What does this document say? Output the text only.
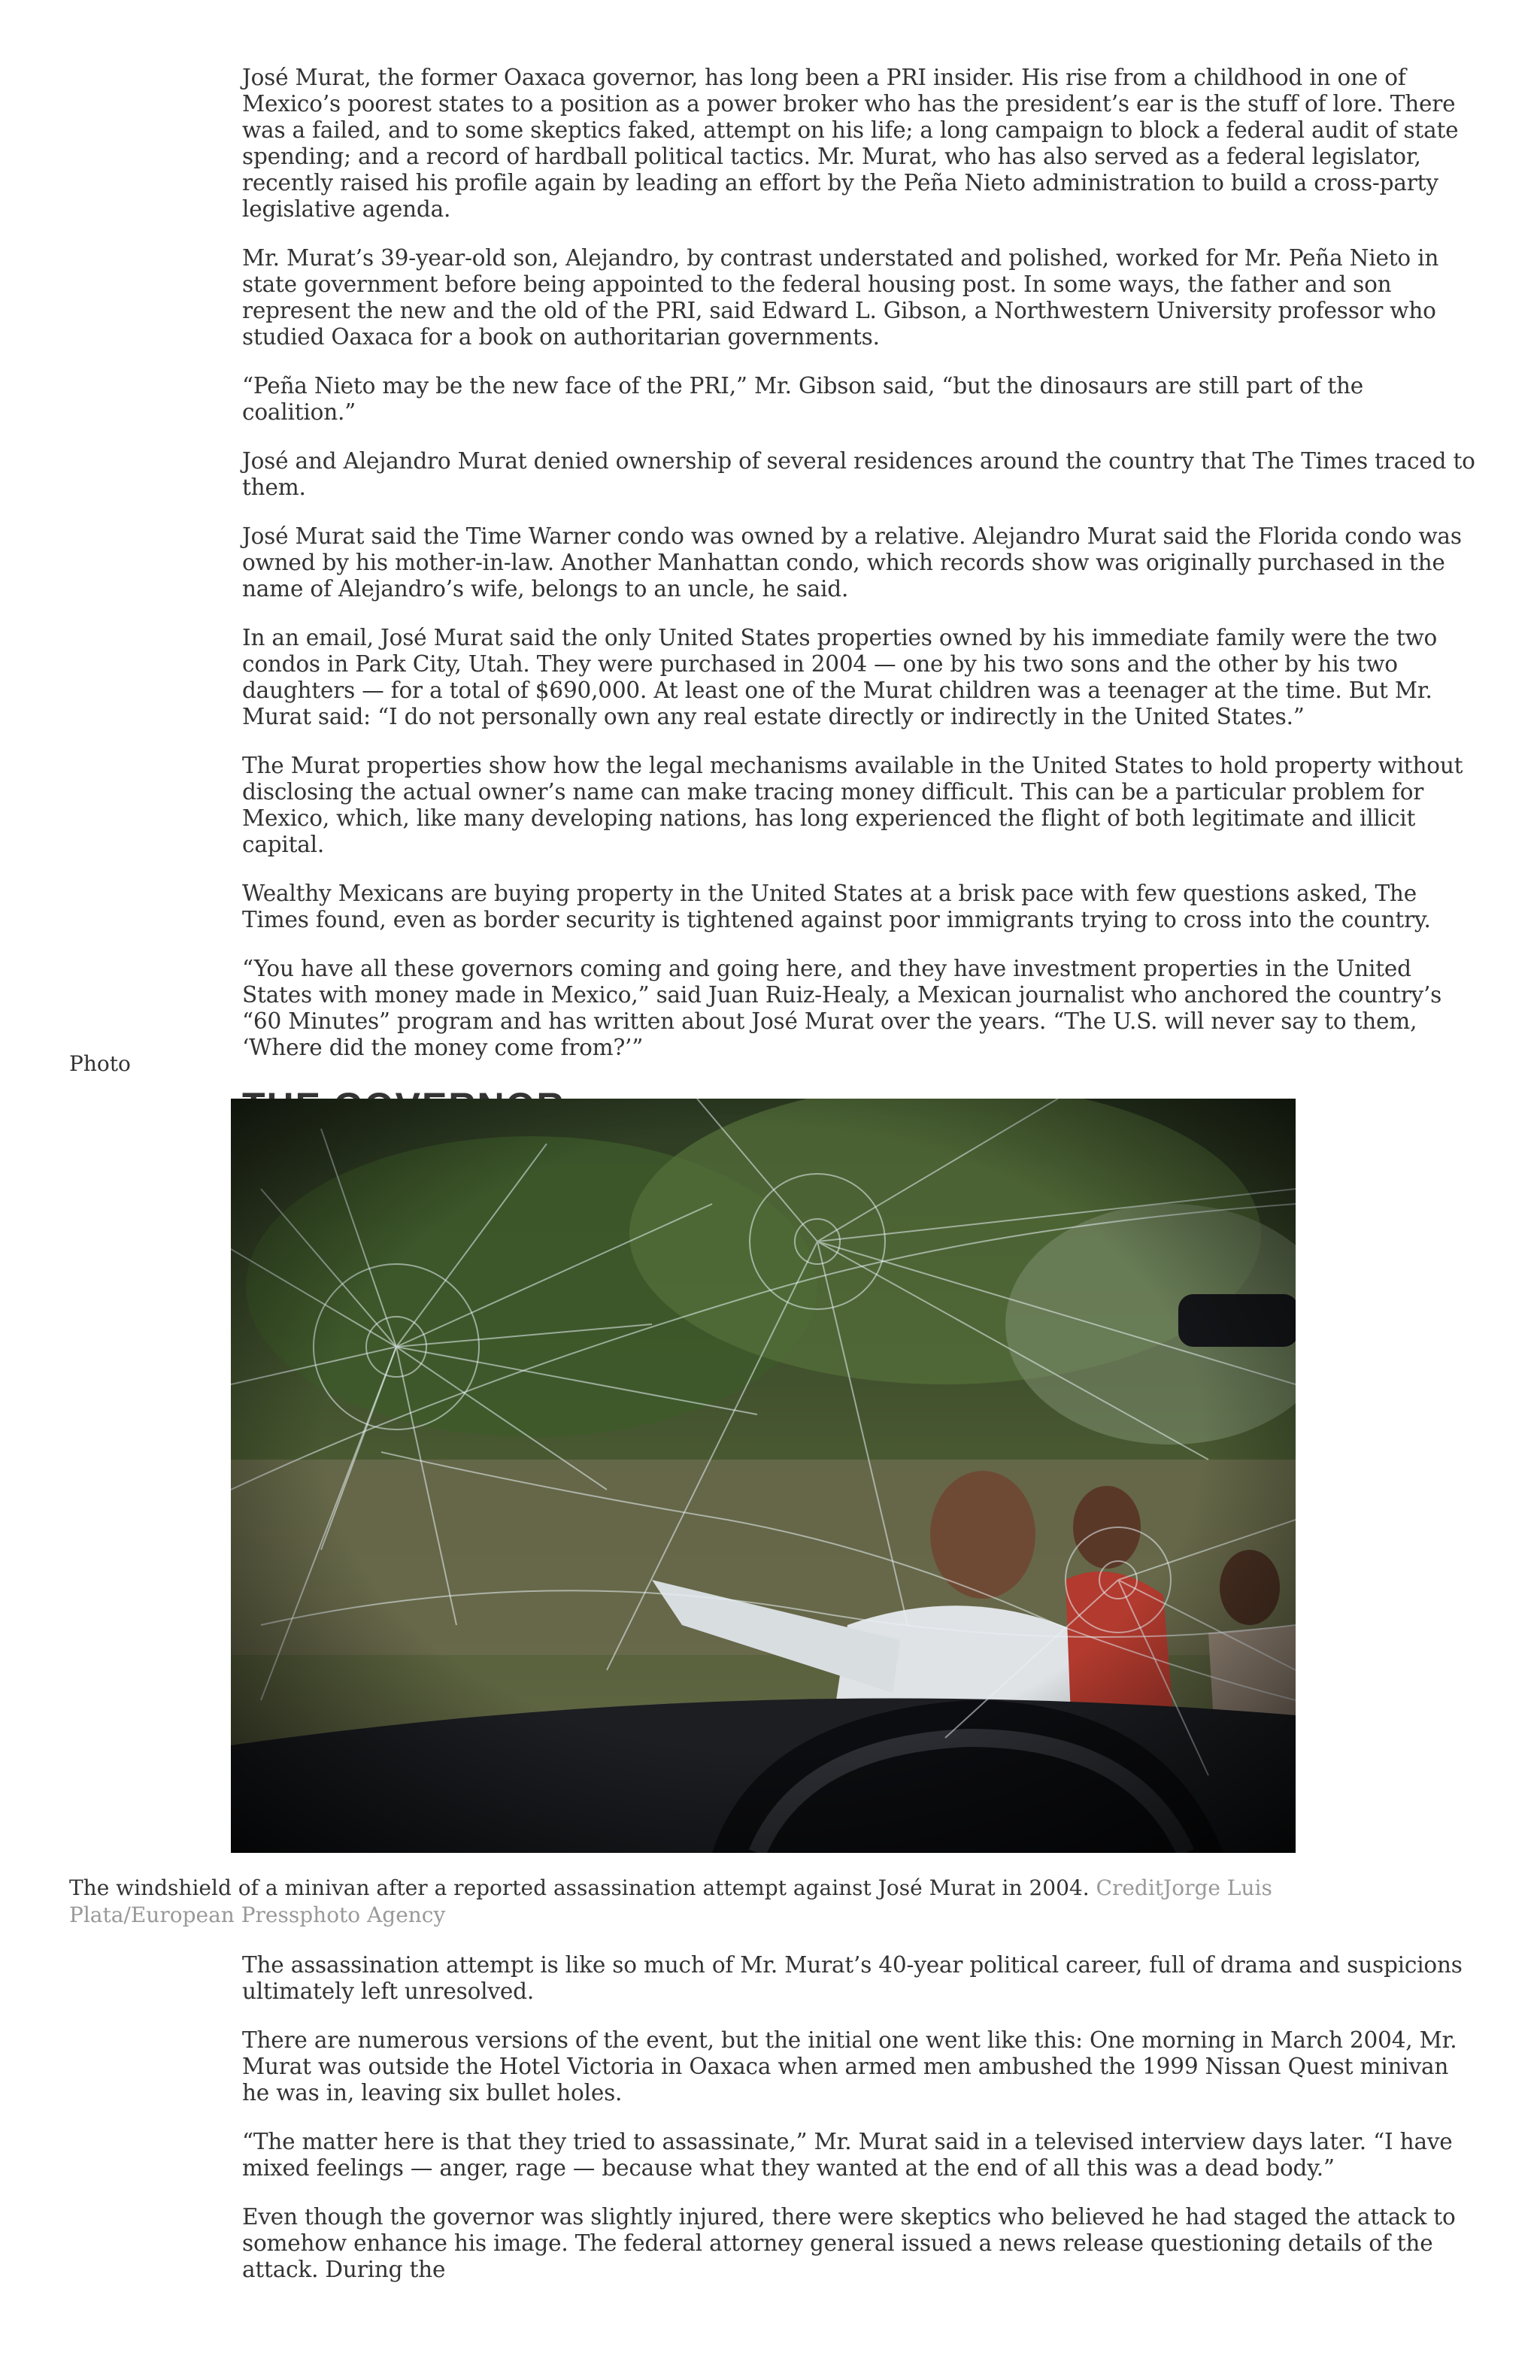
José Murat, the former Oaxaca governor, has long been a PRI insider. His rise from a childhood in one of Mexico’s poorest states to a position as a power broker who has the president’s ear is the stuff of lore. There was a failed, and to some skeptics faked, attempt on his life; a long campaign to block a federal audit of state spending; and a record of hardball political tactics. Mr. Murat, who has also served as a federal legislator, recently raised his profile again by leading an effort by the Peña Nieto administration to build a cross-party legislative agenda.

Mr. Murat’s 39-year-old son, Alejandro, by contrast understated and polished, worked for Mr. Peña Nieto in state government before being appointed to the federal housing post. In some ways, the father and son represent the new and the old of the PRI, said Edward L. Gibson, a Northwestern University professor who studied Oaxaca for a book on authoritarian governments.

“Peña Nieto may be the new face of the PRI,” Mr. Gibson said, “but the dinosaurs are still part of the coalition.”

José and Alejandro Murat denied ownership of several residences around the country that The Times traced to them.

José Murat said the Time Warner condo was owned by a relative. Alejandro Murat said the Florida condo was owned by his mother-in-law. Another Manhattan condo, which records show was originally purchased in the name of Alejandro’s wife, belongs to an uncle, he said.

In an email, José Murat said the only United States properties owned by his immediate family were the two condos in Park City, Utah. They were purchased in 2004 — one by his two sons and the other by his two daughters — for a total of $690,000. At least one of the Murat children was a teenager at the time. But Mr. Murat said: “I do not personally own any real estate directly or indirectly in the United States.”

The Murat properties show how the legal mechanisms available in the United States to hold property without disclosing the actual owner’s name can make tracing money difficult. This can be a particular problem for Mexico, which, like many developing nations, has long experienced the flight of both legitimate and illicit capital.

Wealthy Mexicans are buying property in the United States at a brisk pace with few questions asked, The Times found, even as border security is tightened against poor immigrants trying to cross into the country.

“You have all these governors coming and going here, and they have investment properties in the United States with money made in Mexico,” said Juan Ruiz-Healy, a Mexican journalist who anchored the country’s “60 Minutes” program and has written about José Murat over the years. “The U.S. will never say to them, ‘Where did the money come from?’”

Photo
The windshield of a minivan after a reported assassination attempt against José Murat in 2004. CreditJorge Luis Plata/European Pressphoto Agency

The assassination attempt is like so much of Mr. Murat’s 40-year political career, full of drama and suspicions ultimately left unresolved.

There are numerous versions of the event, but the initial one went like this: One morning in March 2004, Mr. Murat was outside the Hotel Victoria in Oaxaca when armed men ambushed the 1999 Nissan Quest minivan he was in, leaving six bullet holes.

“The matter here is that they tried to assassinate,” Mr. Murat said in a televised interview days later. “I have mixed feelings — anger, rage — because what they wanted at the end of all this was a dead body.”

Even though the governor was slightly injured, there were skeptics who believed he had staged the attack to somehow enhance his image. The federal attorney general issued a news release questioning details of the attack. During the
